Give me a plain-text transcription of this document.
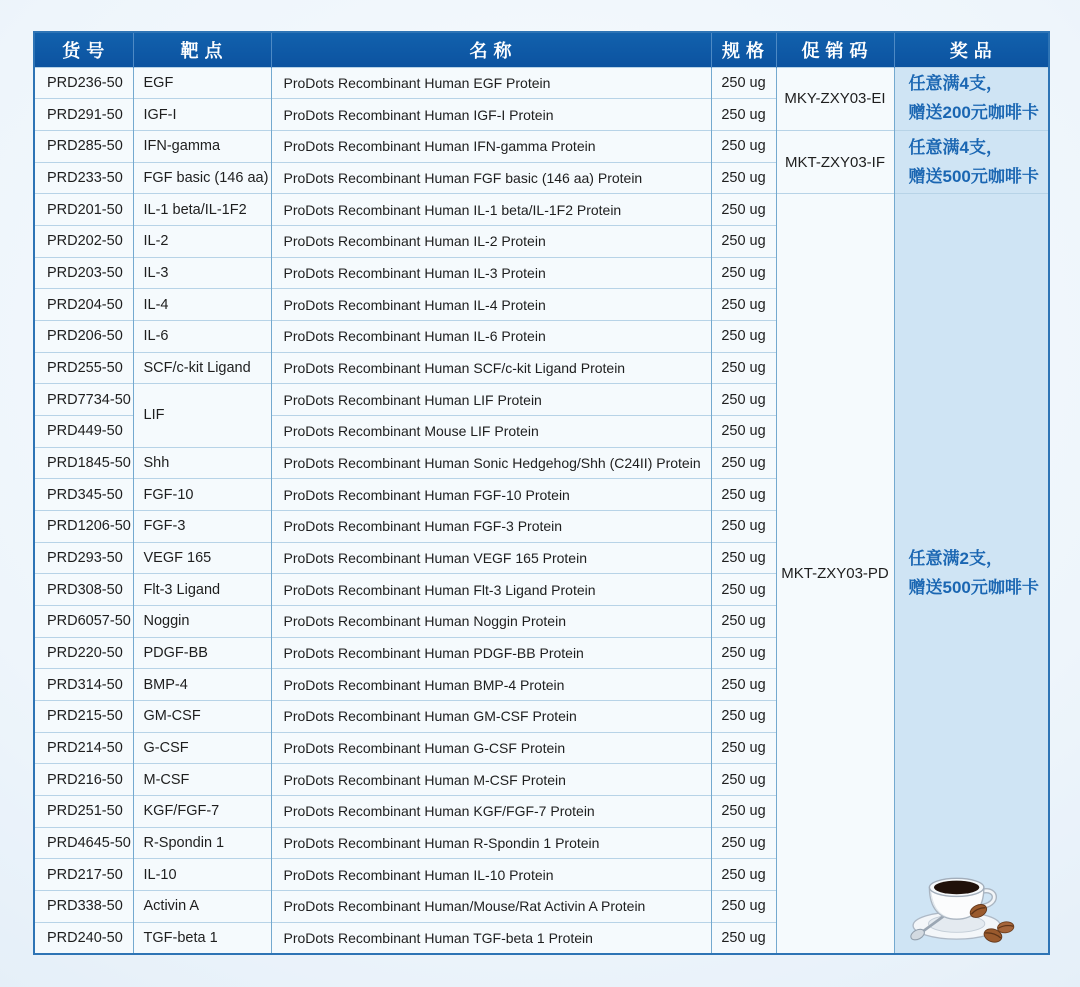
货号	靶点	名称	规格	促销码	奖品
PRD236-50	EGF	ProDots Recombinant Human EGF Protein	250 ug	MKY-ZXY03-EI	任意满4支，
赠送200元咖啡卡

PRD291-50	IGF-I	ProDots Recombinant Human IGF-I Protein	250 ug		
PRD285-50	IFN-gamma	ProDots Recombinant Human IFN-gamma Protein	250 ug	MKT-ZXY03-IF	任意满4支，
赠送500元咖啡卡

PRD233-50	FGF basic (146 aa)	ProDots Recombinant Human FGF basic (146 aa) Protein	250 ug		
PRD201-50	IL-1 beta/IL-1F2	ProDots Recombinant Human IL-1 beta/IL-1F2 Protein	250 ug	MKT-ZXY03-PD	任意满2支，
赠送500元咖啡卡

PRD202-50	IL-2	ProDots Recombinant Human IL-2 Protein	250 ug		
PRD203-50	IL-3	ProDots Recombinant Human IL-3 Protein	250 ug		
PRD204-50	IL-4	ProDots Recombinant Human IL-4 Protein	250 ug		
PRD206-50	IL-6	ProDots Recombinant Human IL-6 Protein	250 ug		
PRD255-50	SCF/c-kit Ligand	ProDots Recombinant Human SCF/c-kit Ligand Protein	250 ug		
PRD7734-50	LIF	ProDots Recombinant Human LIF Protein	250 ug		
PRD449-50		ProDots Recombinant Mouse LIF Protein	250 ug		
PRD1845-50	Shh	ProDots Recombinant Human Sonic Hedgehog/Shh (C24II) Protein	250 ug		
PRD345-50	FGF-10	ProDots Recombinant Human FGF-10 Protein	250 ug		
PRD1206-50	FGF-3	ProDots Recombinant Human FGF-3 Protein	250 ug		
PRD293-50	VEGF 165	ProDots Recombinant Human VEGF 165 Protein	250 ug		
PRD308-50	Flt-3 Ligand	ProDots Recombinant Human Flt-3 Ligand Protein	250 ug		
PRD6057-50	Noggin	ProDots Recombinant Human Noggin Protein	250 ug		
PRD220-50	PDGF-BB	ProDots Recombinant Human PDGF-BB Protein	250 ug		
PRD314-50	BMP-4	ProDots Recombinant Human BMP-4 Protein	250 ug		
PRD215-50	GM-CSF	ProDots Recombinant Human GM-CSF Protein	250 ug		
PRD214-50	G-CSF	ProDots Recombinant Human G-CSF Protein	250 ug		
PRD216-50	M-CSF	ProDots Recombinant Human M-CSF Protein	250 ug		
PRD251-50	KGF/FGF-7	ProDots Recombinant Human KGF/FGF-7 Protein	250 ug		
PRD4645-50	R-Spondin 1	ProDots Recombinant Human R-Spondin 1 Protein	250 ug		
PRD217-50	IL-10	ProDots Recombinant Human IL-10 Protein	250 ug		
PRD338-50	Activin A	ProDots Recombinant Human/Mouse/Rat Activin A Protein	250 ug		
PRD240-50	TGF-beta 1	ProDots Recombinant Human TGF-beta 1 Protein	250 ug		
